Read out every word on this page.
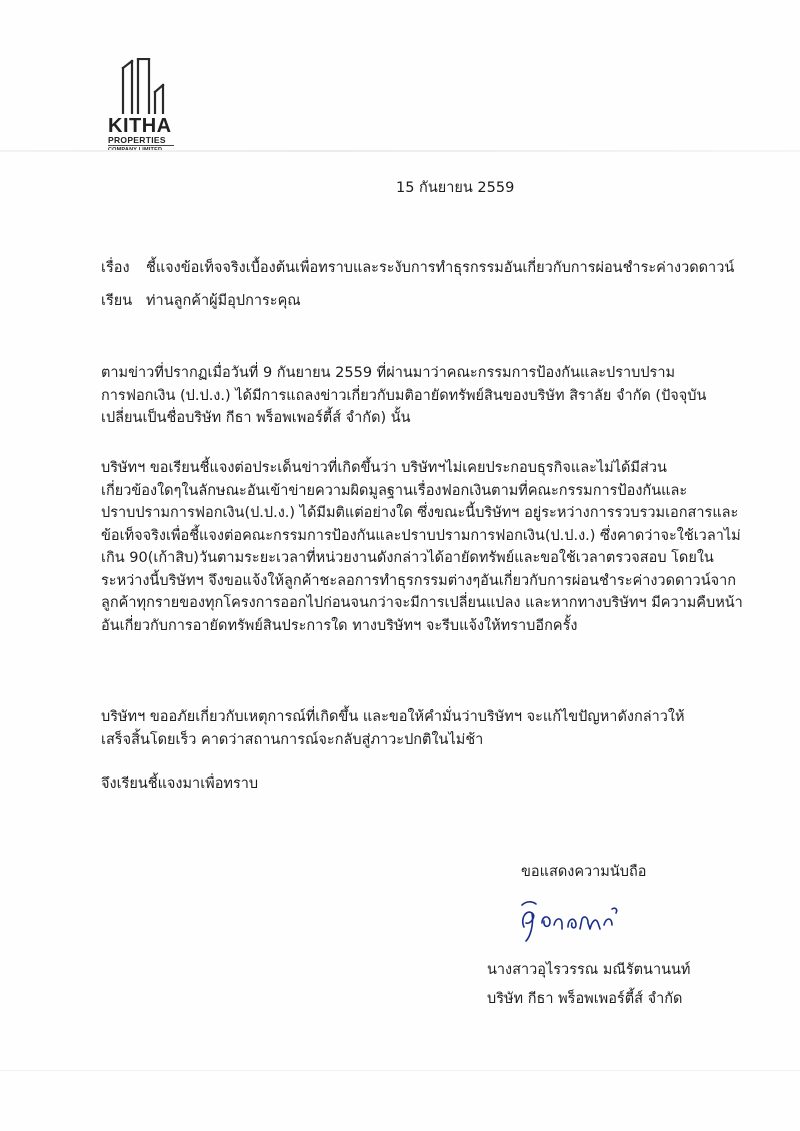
KITHA
PROPERTIES
15 กันยายน 2559
เรื่อง ชี้แจงข้อเท็จจริงเบื้องต้นเพื่อทราบและระงับการทำธุรกรรมอันเกี่ยวกับการผ่อนชำระค่างวดดาวน์
เรียน ท่านลูกค้าผู้มีอุปการะคุณ
ตามข่าวที่ปรากฏเมื่อวันที่ 9 กันยายน 2559 ที่ผ่านมาว่าคณะกรรมการป้องกันและปราบปราม
การฟอกเงิน (ป.ป.ง.) ได้มีการแถลงข่าวเกี่ยวกับมติอายัดทรัพย์สินของบริษัท สิราลัย จำกัด (ปัจจุบัน
เปลี่ยนเป็นชื่อบริษัท กีธา พร็อพเพอร์ตี้ส์ จำกัด) นั้น
บริษัทฯ ขอเรียนชี้แจงต่อประเด็นข่าวที่เกิดขึ้นว่า บริษัทฯไม่เคยประกอบธุรกิจและไม่ได้มีส่วน
เกี่ยวข้องใดๆในลักษณะอันเข้าข่ายความผิดมูลฐานเรื่องฟอกเงินตามที่คณะกรรมการป้องกันและ
ปราบปรามการฟอกเงิน(ป.ป.ง.) ได้มีมติแต่อย่างใด ซึ่งขณะนี้บริษัทฯ อยู่ระหว่างการรวบรวมเอกสารและ
ข้อเท็จจริงเพื่อชี้แจงต่อคณะกรรมการป้องกันและปราบปรามการฟอกเงิน(ป.ป.ง.) ซึ่งคาดว่าจะใช้เวลาไม่
เกิน 90(เก้าสิบ)วันตามระยะเวลาที่หน่วยงานดังกล่าวได้อายัดทรัพย์และขอใช้เวลาตรวจสอบ โดยใน
ระหว่างนี้บริษัทฯ จึงขอแจ้งให้ลูกค้าชะลอการทำธุรกรรมต่างๆอันเกี่ยวกับการผ่อนชำระค่างวดดาวน์จาก
ลูกค้าทุกรายของทุกโครงการออกไปก่อนจนกว่าจะมีการเปลี่ยนแปลง และหากทางบริษัทฯ มีความคืบหน้า
อันเกี่ยวกับการอายัดทรัพย์สินประการใด ทางบริษัทฯ จะรีบแจ้งให้ทราบอีกครั้ง
บริษัทฯ ขออภัยเกี่ยวกับเหตุการณ์ที่เกิดขึ้น และขอให้คำมั่นว่าบริษัทฯ จะแก้ไขปัญหาดังกล่าวให้
เสร็จสิ้นโดยเร็ว คาดว่าสถานการณ์จะกลับสู่ภาวะปกติในไม่ช้า
จึงเรียนชี้แจงมาเพื่อทราบ
ขอแสดงความนับถือ
นางสาวอุไรวรรณ มณีรัตนานนท์
บริษัท กีธา พร็อพเพอร์ตี้ส์ จำกัด
